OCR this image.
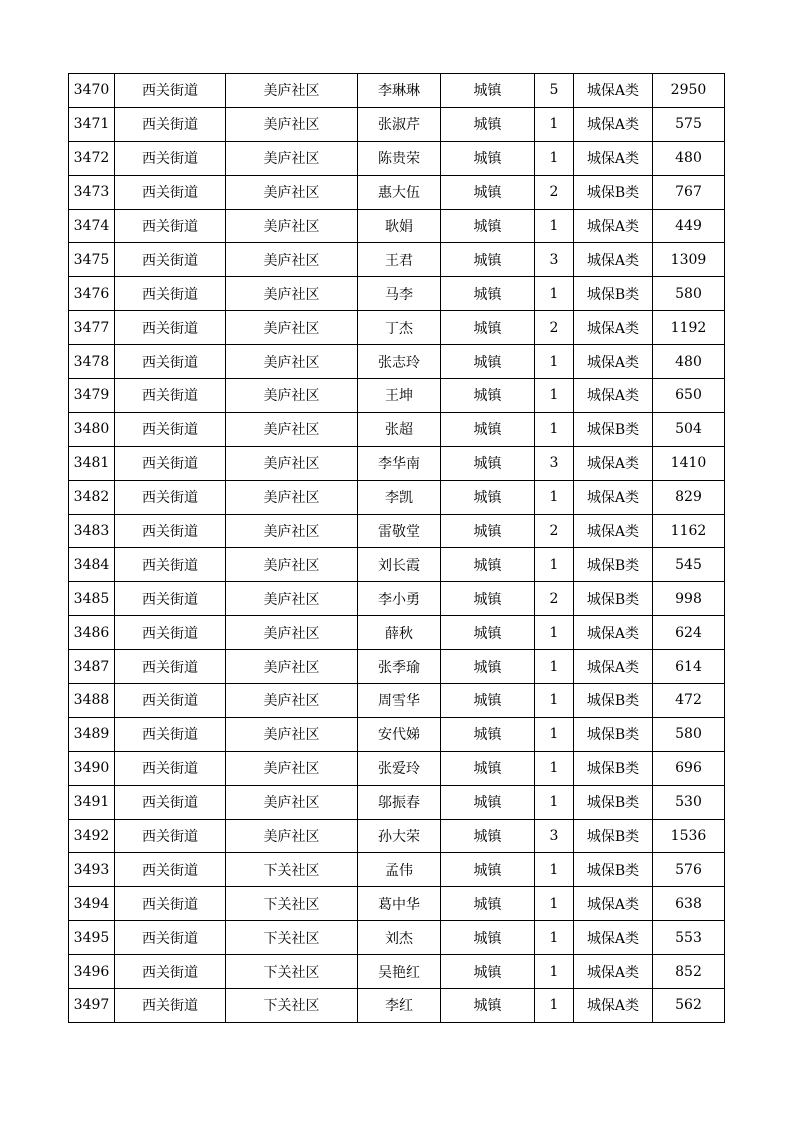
3470	西关街道	美庐社区	李琳琳	城镇	5	城保A类	2950
3471	西关街道	美庐社区	张淑芹	城镇	1	城保A类	575
3472	西关街道	美庐社区	陈贵荣	城镇	1	城保A类	480
3473	西关街道	美庐社区	惠大伍	城镇	2	城保B类	767
3474	西关街道	美庐社区	耿娟	城镇	1	城保A类	449
3475	西关街道	美庐社区	王君	城镇	3	城保A类	1309
3476	西关街道	美庐社区	马李	城镇	1	城保B类	580
3477	西关街道	美庐社区	丁杰	城镇	2	城保A类	1192
3478	西关街道	美庐社区	张志玲	城镇	1	城保A类	480
3479	西关街道	美庐社区	王坤	城镇	1	城保A类	650
3480	西关街道	美庐社区	张超	城镇	1	城保B类	504
3481	西关街道	美庐社区	李华南	城镇	3	城保A类	1410
3482	西关街道	美庐社区	李凯	城镇	1	城保A类	829
3483	西关街道	美庐社区	雷敬堂	城镇	2	城保A类	1162
3484	西关街道	美庐社区	刘长霞	城镇	1	城保B类	545
3485	西关街道	美庐社区	李小勇	城镇	2	城保B类	998
3486	西关街道	美庐社区	薛秋	城镇	1	城保A类	624
3487	西关街道	美庐社区	张季瑜	城镇	1	城保A类	614
3488	西关街道	美庐社区	周雪华	城镇	1	城保B类	472
3489	西关街道	美庐社区	安代娣	城镇	1	城保B类	580
3490	西关街道	美庐社区	张爱玲	城镇	1	城保B类	696
3491	西关街道	美庐社区	邬振春	城镇	1	城保B类	530
3492	西关街道	美庐社区	孙大荣	城镇	3	城保B类	1536
3493	西关街道	下关社区	孟伟	城镇	1	城保B类	576
3494	西关街道	下关社区	葛中华	城镇	1	城保A类	638
3495	西关街道	下关社区	刘杰	城镇	1	城保A类	553
3496	西关街道	下关社区	吴艳红	城镇	1	城保A类	852
3497	西关街道	下关社区	李红	城镇	1	城保A类	562
